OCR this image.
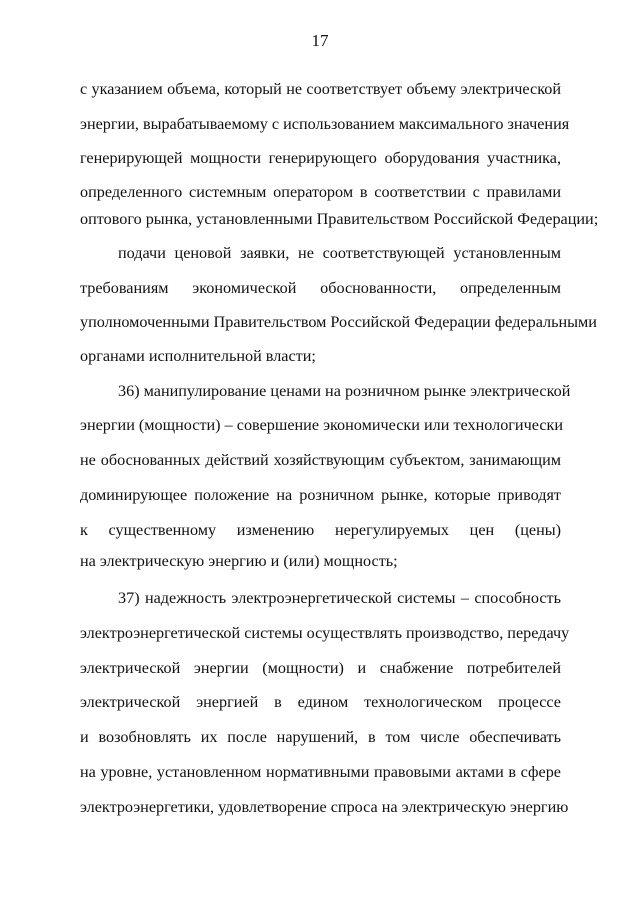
17
с указанием объема, который не соответствует объему электрической
энергии, вырабатываемому с использованием максимального значения
генерирующей мощности генерирующего оборудования участника,
определенного системным оператором в соответствии с правилами
оптового рынка, установленными Правительством Российской Федерации;
подачи ценовой заявки, не соответствующей установленным
требованиям экономической обоснованности, определенным
уполномоченными Правительством Российской Федерации федеральными
органами исполнительной власти;
36) манипулирование ценами на розничном рынке электрической
энергии (мощности) – совершение экономически или технологически
не обоснованных действий хозяйствующим субъектом, занимающим
доминирующее положение на розничном рынке, которые приводят
к существенному изменению нерегулируемых цен (цены)
на электрическую энергию и (или) мощность;
37) надежность электроэнергетической системы – способность
электроэнергетической системы осуществлять производство, передачу
электрической энергии (мощности) и снабжение потребителей
электрической энергией в едином технологическом процессе
и возобновлять их после нарушений, в том числе обеспечивать
на уровне, установленном нормативными правовыми актами в сфере
электроэнергетики, удовлетворение спроса на электрическую энергию
